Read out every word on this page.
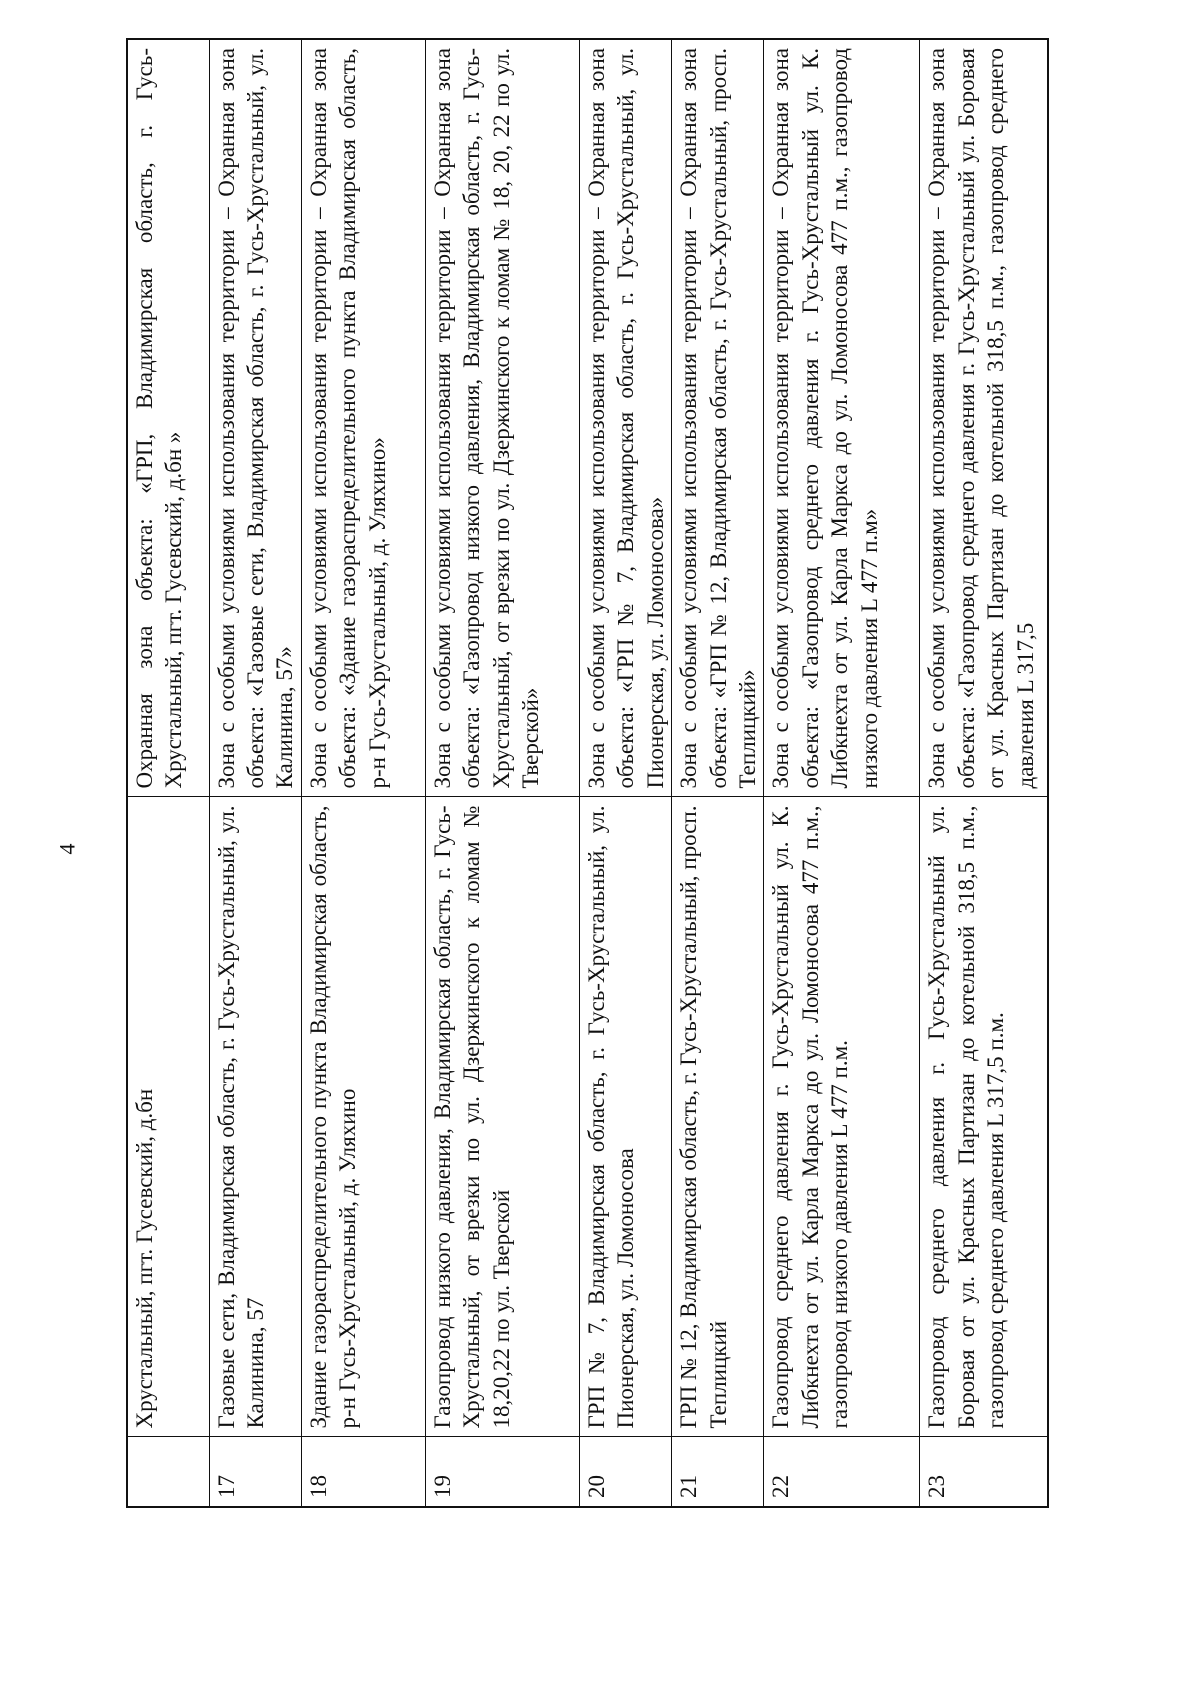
4
	Хрустальный, пгт. Гусевский, д.бн	Охранная зона объекта: «ГРП, Владимирская область, г. Гусь-Хрустальный, пгт. Гусевский, д.бн »
17	Газовые сети, Владимирская область, г. Гусь-Хрустальный, ул. Калинина, 57	Зона с особыми условиями использования территории – Охранная зона объекта: «Газовые сети, Владимирская область, г. Гусь-Хрустальный, ул. Калинина, 57»
18	Здание газораспределительного пункта Владимирская область, р-н Гусь-Хрустальный, д. Уляхино	Зона с особыми условиями использования территории – Охранная зона объекта: «Здание газораспределительного пункта Владимирская область, р-н Гусь-Хрустальный, д. Уляхино»
19	Газопровод низкого давления, Владимирская область, г. Гусь-Хрустальный, от врезки по ул. Дзержинского к ломам № 18,20,22 по ул. Тверской	Зона с особыми условиями использования территории – Охранная зона объекта: «Газопровод низкого давления, Владимирская область, г. Гусь-Хрустальный, от врезки по ул. Дзержинского к ломам № 18, 20, 22 по ул. Тверской»
20	ГРП № 7, Владимирская область, г. Гусь-Хрустальный, ул. Пионерская, ул. Ломоносова	Зона с особыми условиями использования территории – Охранная зона объекта: «ГРП № 7, Владимирская область, г. Гусь-Хрустальный, ул. Пионерская, ул. Ломоносова»
21	ГРП № 12, Владимирская область, г. Гусь-Хрустальный, просп. Теплицкий	Зона с особыми условиями использования территории – Охранная зона объекта: «ГРП № 12, Владимирская область, г. Гусь-Хрустальный, просп. Теплицкий»
22	Газопровод среднего давления г. Гусь-Хрустальный ул. К. Либкнехта от ул. Карла Маркса до ул. Ломоносова 477 п.м., газопровод низкого давления L 477 п.м.	Зона с особыми условиями использования территории – Охранная зона объекта: «Газопровод среднего давления г. Гусь-Хрустальный ул. К. Либкнехта от ул. Карла Маркса до ул. Ломоносова 477 п.м., газопровод низкого давления L 477 п.м»
23	Газопровод среднего давления г. Гусь-Хрустальный ул. Боровая от ул. Красных Партизан до котельной 318,5 п.м., газопровод среднего давления L 317,5 п.м.	Зона с особыми условиями использования территории – Охранная зона объекта: «Газопровод среднего давления г. Гусь-Хрустальный ул. Боровая от ул. Красных Партизан до котельной 318,5 п.м., газопровод среднего давления L 317,5
